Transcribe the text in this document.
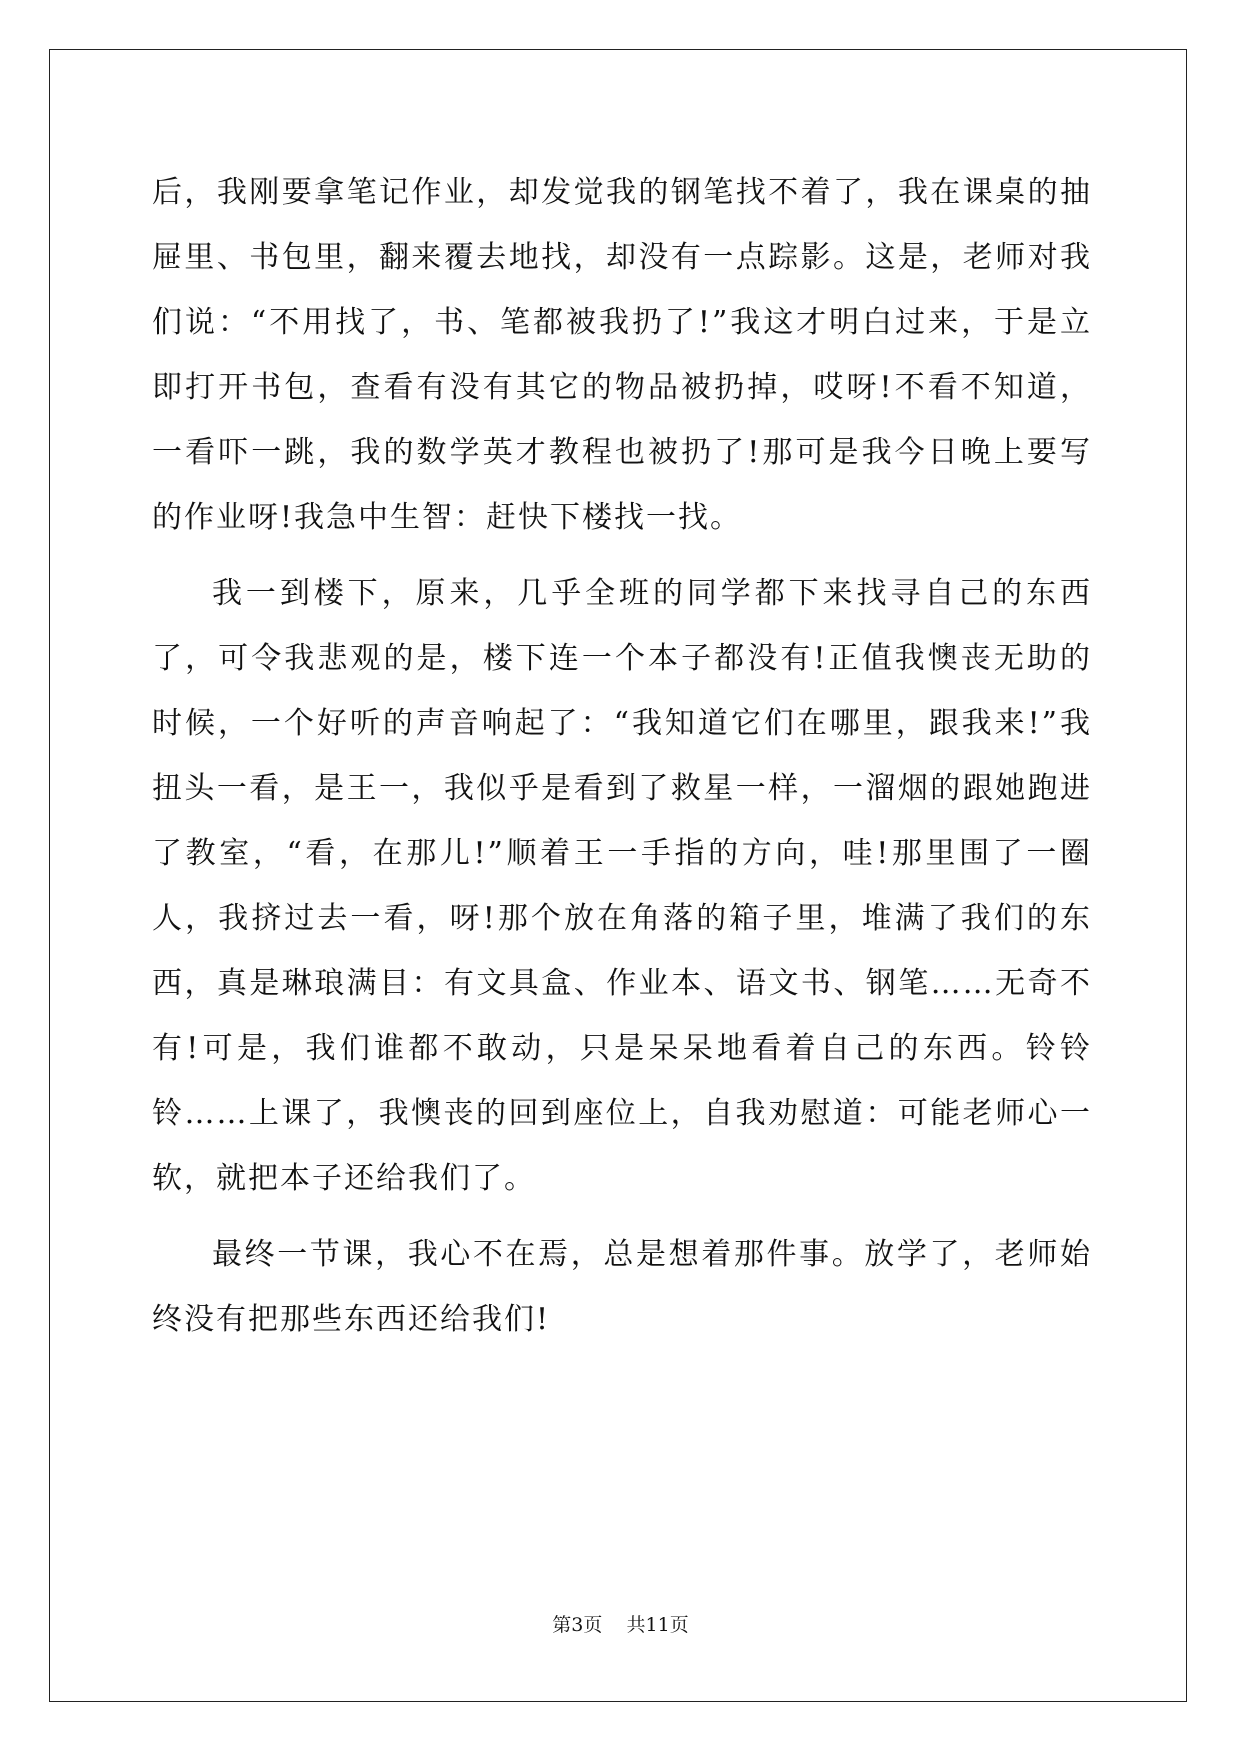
后，我刚要拿笔记作业，却发觉我的钢笔找不着了，我在课桌的抽屉里、书包里，翻来覆去地找，却没有一点踪影。这是，老师对我们说：“不用找了，书、笔都被我扔了!”我这才明白过来，于是立即打开书包，查看有没有其它的物品被扔掉，哎呀!不看不知道，一看吓一跳，我的数学英才教程也被扔了!那可是我今日晚上要写的作业呀!我急中生智：赶快下楼找一找。

我一到楼下，原来，几乎全班的同学都下来找寻自己的东西了，可令我悲观的是，楼下连一个本子都没有!正值我懊丧无助的时候，一个好听的声音响起了：“我知道它们在哪里，跟我来!”我扭头一看，是王一，我似乎是看到了救星一样，一溜烟的跟她跑进了教室，“看，在那儿!”顺着王一手指的方向，哇!那里围了一圈人，我挤过去一看，呀!那个放在角落的箱子里，堆满了我们的东西，真是琳琅满目：有文具盒、作业本、语文书、钢笔……无奇不有!可是，我们谁都不敢动，只是呆呆地看着自己的东西。铃铃铃……上课了，我懊丧的回到座位上，自我劝慰道：可能老师心一软，就把本子还给我们了。

最终一节课，我心不在焉，总是想着那件事。放学了，老师始终没有把那些东西还给我们!

第3页 共11页
